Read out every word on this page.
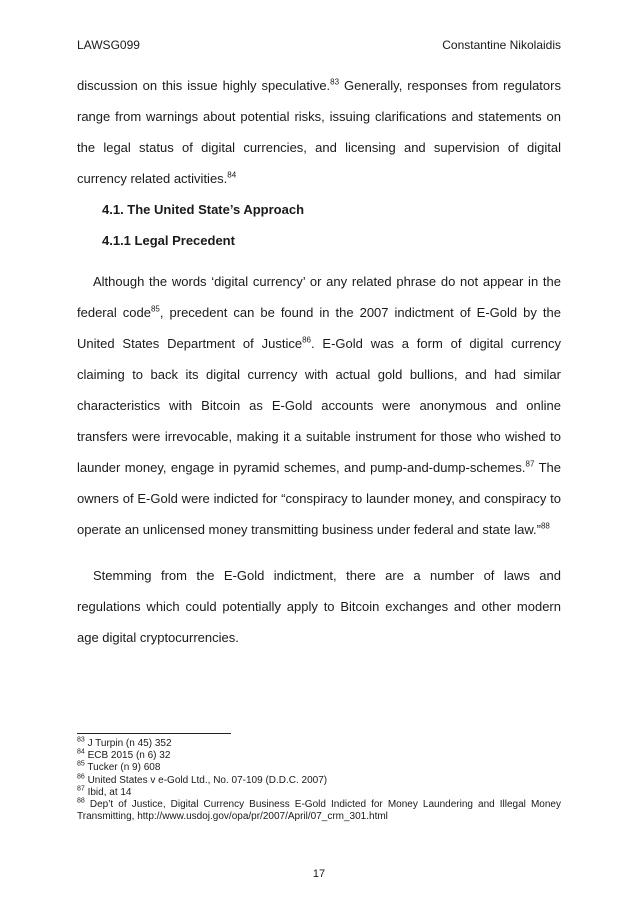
LAWSG099	Constantine Nikolaidis

discussion on this issue highly speculative.$^{83}$ Generally, responses from regulators range from warnings about potential risks, issuing clarifications and statements on the legal status of digital currencies, and licensing and supervision of digital currency related activities.$^{84}$

4.1. The United State’s Approach

4.1.1 Legal Precedent

Although the words ‘digital currency’ or any related phrase do not appear in the federal code$^{85}$, precedent can be found in the 2007 indictment of E-Gold by the United States Department of Justice$^{86}$. E-Gold was a form of digital currency claiming to back its digital currency with actual gold bullions, and had similar characteristics with Bitcoin as E-Gold accounts were anonymous and online transfers were irrevocable, making it a suitable instrument for those who wished to launder money, engage in pyramid schemes, and pump-and-dump-schemes.$^{87}$ The owners of E-Gold were indicted for “conspiracy to launder money, and conspiracy to operate an unlicensed money transmitting business under federal and state law.”$^{88}$

Stemming from the E-Gold indictment, there are a number of laws and regulations which could potentially apply to Bitcoin exchanges and other modern age digital cryptocurrencies.

$^{83}$ J Turpin (n 45) 352

$^{84}$ ECB 2015 (n 6) 32

$^{85}$ Tucker (n 9) 608

$^{86}$ United States v e-Gold Ltd., No. 07-109 (D.D.C. 2007)

$^{87}$ Ibid, at 14

$^{88}$ Dep’t of Justice, Digital Currency Business E-Gold Indicted for Money Laundering and Illegal Money Transmitting, http://www.usdoj.gov/opa/pr/2007/April/07_crm_301.html

17
